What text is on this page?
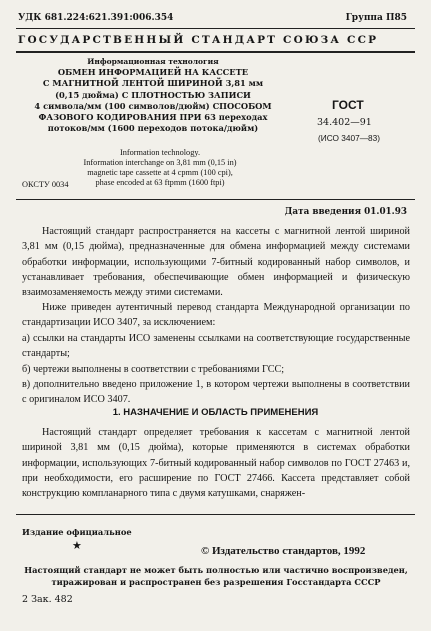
УДК 681.224:621.391:006.354	Группа П85
ГОСУДАРСТВЕННЫЙ СТАНДАРТ СОЮЗА ССР
Информационная технология
ОБМЕН ИНФОРМАЦИЕЙ НА КАССЕТЕ
С МАГНИТНОЙ ЛЕНТОЙ ШИРИНОЙ 3,81 мм
(0,15 дюйма) С ПЛОТНОСТЬЮ ЗАПИСИ
4 символа/мм (100 символов/дюйм) СПОСОБОМ
ФАЗОВОГО КОДИРОВАНИЯ ПРИ 63 переходах
потоков/мм (1600 переходов потока/дюйм)
Information technology.
Information interchange on 3,81 mm (0,15 in)
magnetic tape cassette at 4 cpmm (100 cpi),
phase encoded at 63 ftpmm (1600 ftpi)
ОКСТУ 0034
ГОСТ
34.402—91
(ИСО 3407—83)
Дата введения 01.01.93
Настоящий стандарт распространяется на кассеты с магнитной лентой шириной 3,81 мм (0,15 дюйма), предназначенные для обмена информацией между системами обработки информации, использующими 7-битный кодированный набор символов, и устанавливает требования, обеспечивающие обмен информацией и физическую взаимозаменяемость между этими системами.
Ниже приведен аутентичный перевод стандарта Международной организации по стандартизации ИСО 3407, за исключением:
а) ссылки на стандарты ИСО заменены ссылками на соответствующие государственные стандарты;
б) чертежи выполнены в соответствии с требованиями ГСС;
в) дополнительно введено приложение 1, в котором чертежи выполнены в соответствии с оригиналом ИСО 3407.
1. НАЗНАЧЕНИЕ И ОБЛАСТЬ ПРИМЕНЕНИЯ
Настоящий стандарт определяет требования к кассетам с магнитной лентой шириной 3,81 мм (0,15 дюйма), которые применяются в системах обработки информации, использующих 7-битный кодированный набор символов по ГОСТ 27463 и, при необходимости, его расширение по ГОСТ 27466. Кассета представляет собой конструкцию компланарного типа с двумя катушками, снаряжен-
Издание официальное
★	© Издательство стандартов, 1992
Настоящий стандарт не может быть полностью или частично воспроизведен,
тиражирован и распространен без разрешения Госстандарта СССР
2 Зак. 482
